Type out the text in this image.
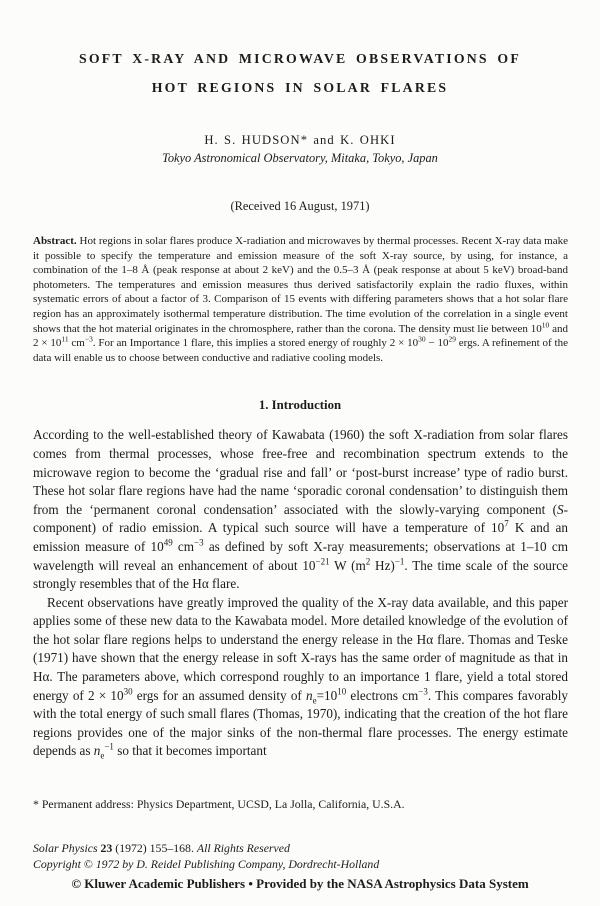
SOFT X-RAY AND MICROWAVE OBSERVATIONS OF
HOT REGIONS IN SOLAR FLARES
H. S. HUDSON* and K. OHKI
Tokyo Astronomical Observatory, Mitaka, Tokyo, Japan
(Received 16 August, 1971)

Abstract. Hot regions in solar flares produce X-radiation and microwaves by thermal processes. Recent X-ray data make it possible to specify the temperature and emission measure of the soft X-ray source, by using, for instance, a combination of the 1–8 Å (peak response at about 2 keV) and the 0.5–3 Å (peak response at about 5 keV) broad-band photometers. The temperatures and emission measures thus derived satisfactorily explain the radio fluxes, within systematic errors of about a factor of 3. Comparison of 15 events with differing parameters shows that a hot solar flare region has an approximately isothermal temperature distribution. The time evolution of the correlation in a single event shows that the hot material originates in the chromosphere, rather than the corona. The density must lie between $10^{10}$ and $2 \times 10^{11}$ $cm^{-3}$. For an Importance 1 flare, this implies a stored energy of roughly $2 \times 10^{30} - 10^{29}$ ergs. A refinement of the data will enable us to choose between conductive and radiative cooling models.

1. Introduction

According to the well-established theory of Kawabata (1960) the soft X-radiation from solar flares comes from thermal processes, whose free-free and recombination spectrum extends to the microwave region to become the ‘gradual rise and fall’ or ‘post-burst increase’ type of radio burst. These hot solar flare regions have had the name ‘sporadic coronal condensation’ to distinguish them from the ‘permanent coronal condensation’ associated with the slowly-varying component (S-component) of radio emission. A typical such source will have a temperature of $10^7$ K and an emission measure of $10^{49}$ $cm^{-3}$ as defined by soft X-ray measurements; observations at 1–10 cm wavelength will reveal an enhancement of about $10^{-21}$ W ($m^2$ Hz)$^{-1}$. The time scale of the source strongly resembles that of the Hα flare.

Recent observations have greatly improved the quality of the X-ray data available, and this paper applies some of these new data to the Kawabata model. More detailed knowledge of the evolution of the hot solar flare regions helps to understand the energy release in the Hα flare. Thomas and Teske (1971) have shown that the energy release in soft X-rays has the same order of magnitude as that in Hα. The parameters above, which correspond roughly to an importance 1 flare, yield a total stored energy of $2 \times 10^{30}$ ergs for an assumed density of $n_e=10^{10}$ electrons $cm^{-3}$. This compares favorably with the total energy of such small flares (Thomas, 1970), indicating that the creation of the hot flare regions provides one of the major sinks of the non-thermal flare processes. The energy estimate depends as $n_e^{-1}$ so that it becomes important

* Permanent address: Physics Department, UCSD, La Jolla, California, U.S.A.
Solar Physics 23 (1972) 155–168. All Rights Reserved
Copyright © 1972 by D. Reidel Publishing Company, Dordrecht-Holland
© Kluwer Academic Publishers • Provided by the NASA Astrophysics Data System
